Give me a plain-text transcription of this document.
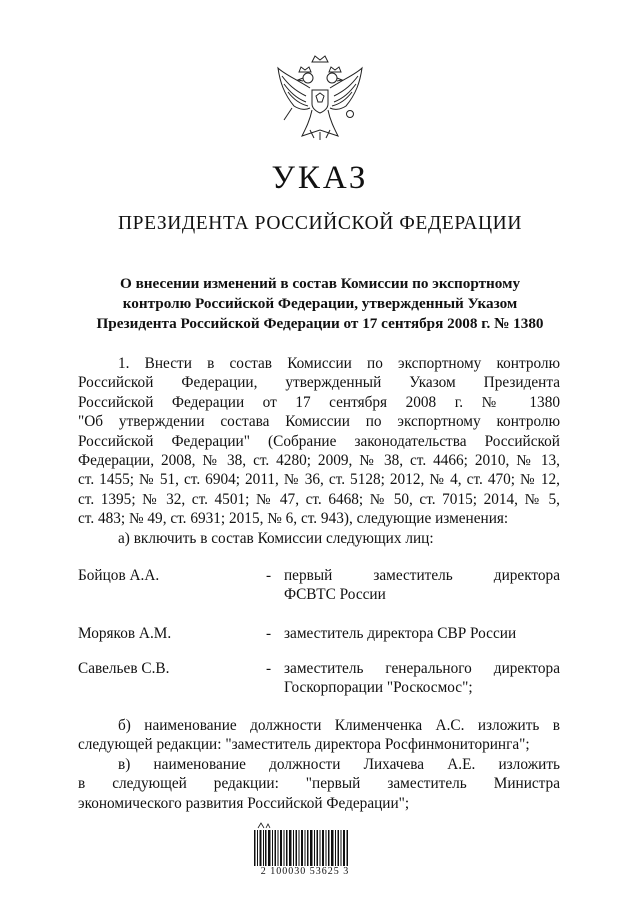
УКАЗ
ПРЕЗИДЕНТА РОССИЙСКОЙ ФЕДЕРАЦИИ
О внесении изменений в состав Комиссии по экспортному
контролю Российской Федерации, утвержденный Указом
Президента Российской Федерации от 17 сентября 2008 г. № 1380
1. Внести в состав Комиссии по экспортному контролю
Российской Федерации, утвержденный Указом Президента
Российской Федерации от 17 сентября 2008 г. № 1380
"Об утверждении состава Комиссии по экспортному контролю
Российской Федерации" (Собрание законодательства Российской
Федерации, 2008, № 38, ст. 4280; 2009, № 38, ст. 4466; 2010, № 13,
ст. 1455; № 51, ст. 6904; 2011, № 36, ст. 5128; 2012, № 4, ст. 470; № 12,
ст. 1395; № 32, ст. 4501; № 47, ст. 6468; № 50, ст. 7015; 2014, № 5,
ст. 483; № 49, ст. 6931; 2015, № 6, ст. 943), следующие изменения:
а) включить в состав Комиссии следующих лиц:
Бойцов А.А.	- первый заместитель директора
ФСВТС России
Моряков А.М.	- заместитель директора СВР России
Савельев С.В.	- заместитель генерального директора
Госкорпорации "Роскосмос";
б) наименование должности Клименченка А.С. изложить в
следующей редакции: "заместитель директора Росфинмониторинга";
в) наименование должности Лихачева А.Е. изложить
в следующей редакции: "первый заместитель Министра
экономического развития Российской Федерации";
2 100030 53625 3
